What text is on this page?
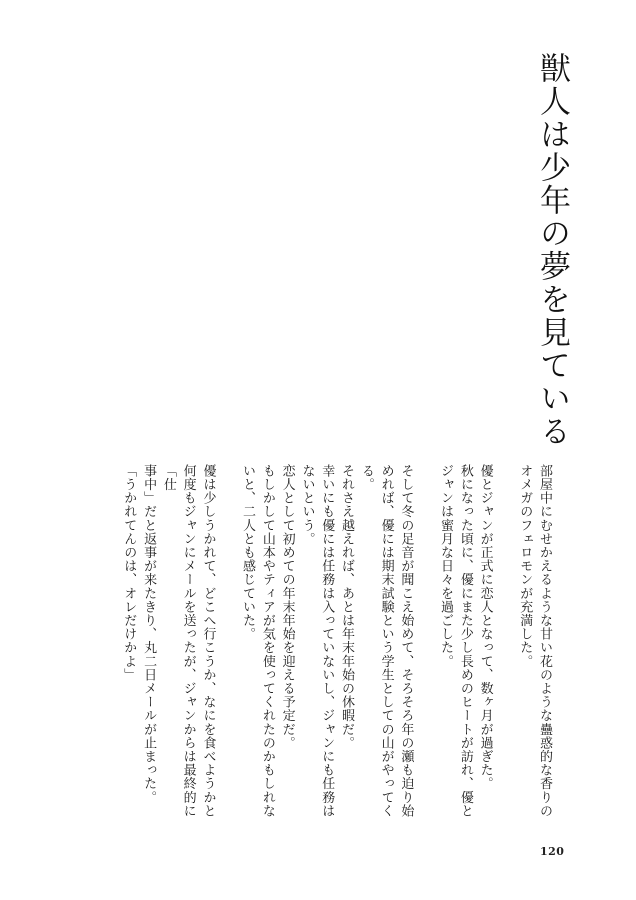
獣人は少年の夢を見ている

部屋中にむせかえるような甘い花のような蠱惑的な香りの
オメガのフェロモンが充満した。

優とジャンが正式に恋人となって、数ヶ月が過ぎた。

秋になった頃に、優にまた少し長めのヒートが訪れ、優と
ジャンは蜜月な日々を過ごした。

そして冬の足音が聞こえ始めて、そろそろ年の瀬も迫り始
めれば、優には期末試験という学生としての山がやってくる。

それさえ越えれば、あとは年末年始の休暇だ。

幸いにも優には任務は入っていないし、ジャンにも任務は
ないという。

恋人として初めての年末年始を迎える予定だ。

もしかして山本やティアが気を使ってくれたのかもしれな
いと、二人とも感じていた。

優は少しうかれて、どこへ行こうか、なにを食べようかと
何度もジャンにメールを送ったが、ジャンからは最終的に「仕
事中」だと返事が来たきり、丸二日メールが止まった。

「うかれてんのは、オレだけかよ」

120
